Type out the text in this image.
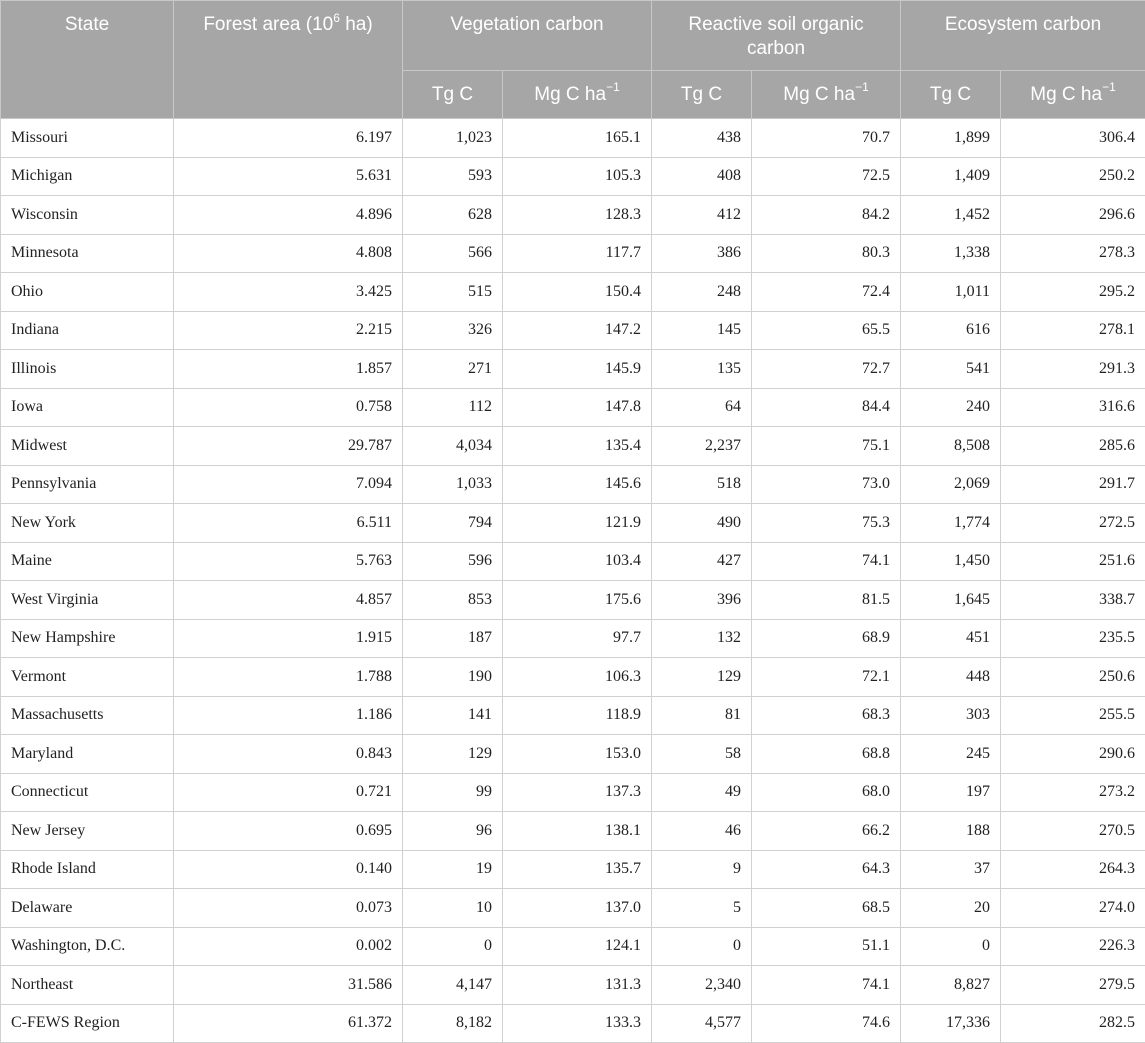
State	Forest area ($10^6$ ha)	Vegetation carbon		Reactive soil organic carbon		Ecosystem carbon	
		Tg C	Mg C $ha^{-1}$	Tg C	Mg C $ha^{-1}$	Tg C	Mg C $ha^{-1}$
Missouri	6.197	1,023	165.1	438	70.7	1,899	306.4
Michigan	5.631	593	105.3	408	72.5	1,409	250.2
Wisconsin	4.896	628	128.3	412	84.2	1,452	296.6
Minnesota	4.808	566	117.7	386	80.3	1,338	278.3
Ohio	3.425	515	150.4	248	72.4	1,011	295.2
Indiana	2.215	326	147.2	145	65.5	616	278.1
Illinois	1.857	271	145.9	135	72.7	541	291.3
Iowa	0.758	112	147.8	64	84.4	240	316.6
Midwest	29.787	4,034	135.4	2,237	75.1	8,508	285.6
Pennsylvania	7.094	1,033	145.6	518	73.0	2,069	291.7
New York	6.511	794	121.9	490	75.3	1,774	272.5
Maine	5.763	596	103.4	427	74.1	1,450	251.6
West Virginia	4.857	853	175.6	396	81.5	1,645	338.7
New Hampshire	1.915	187	97.7	132	68.9	451	235.5
Vermont	1.788	190	106.3	129	72.1	448	250.6
Massachusetts	1.186	141	118.9	81	68.3	303	255.5
Maryland	0.843	129	153.0	58	68.8	245	290.6
Connecticut	0.721	99	137.3	49	68.0	197	273.2
New Jersey	0.695	96	138.1	46	66.2	188	270.5
Rhode Island	0.140	19	135.7	9	64.3	37	264.3
Delaware	0.073	10	137.0	5	68.5	20	274.0
Washington, D.C.	0.002	0	124.1	0	51.1	0	226.3
Northeast	31.586	4,147	131.3	2,340	74.1	8,827	279.5
C-FEWS Region	61.372	8,182	133.3	4,577	74.6	17,336	282.5
